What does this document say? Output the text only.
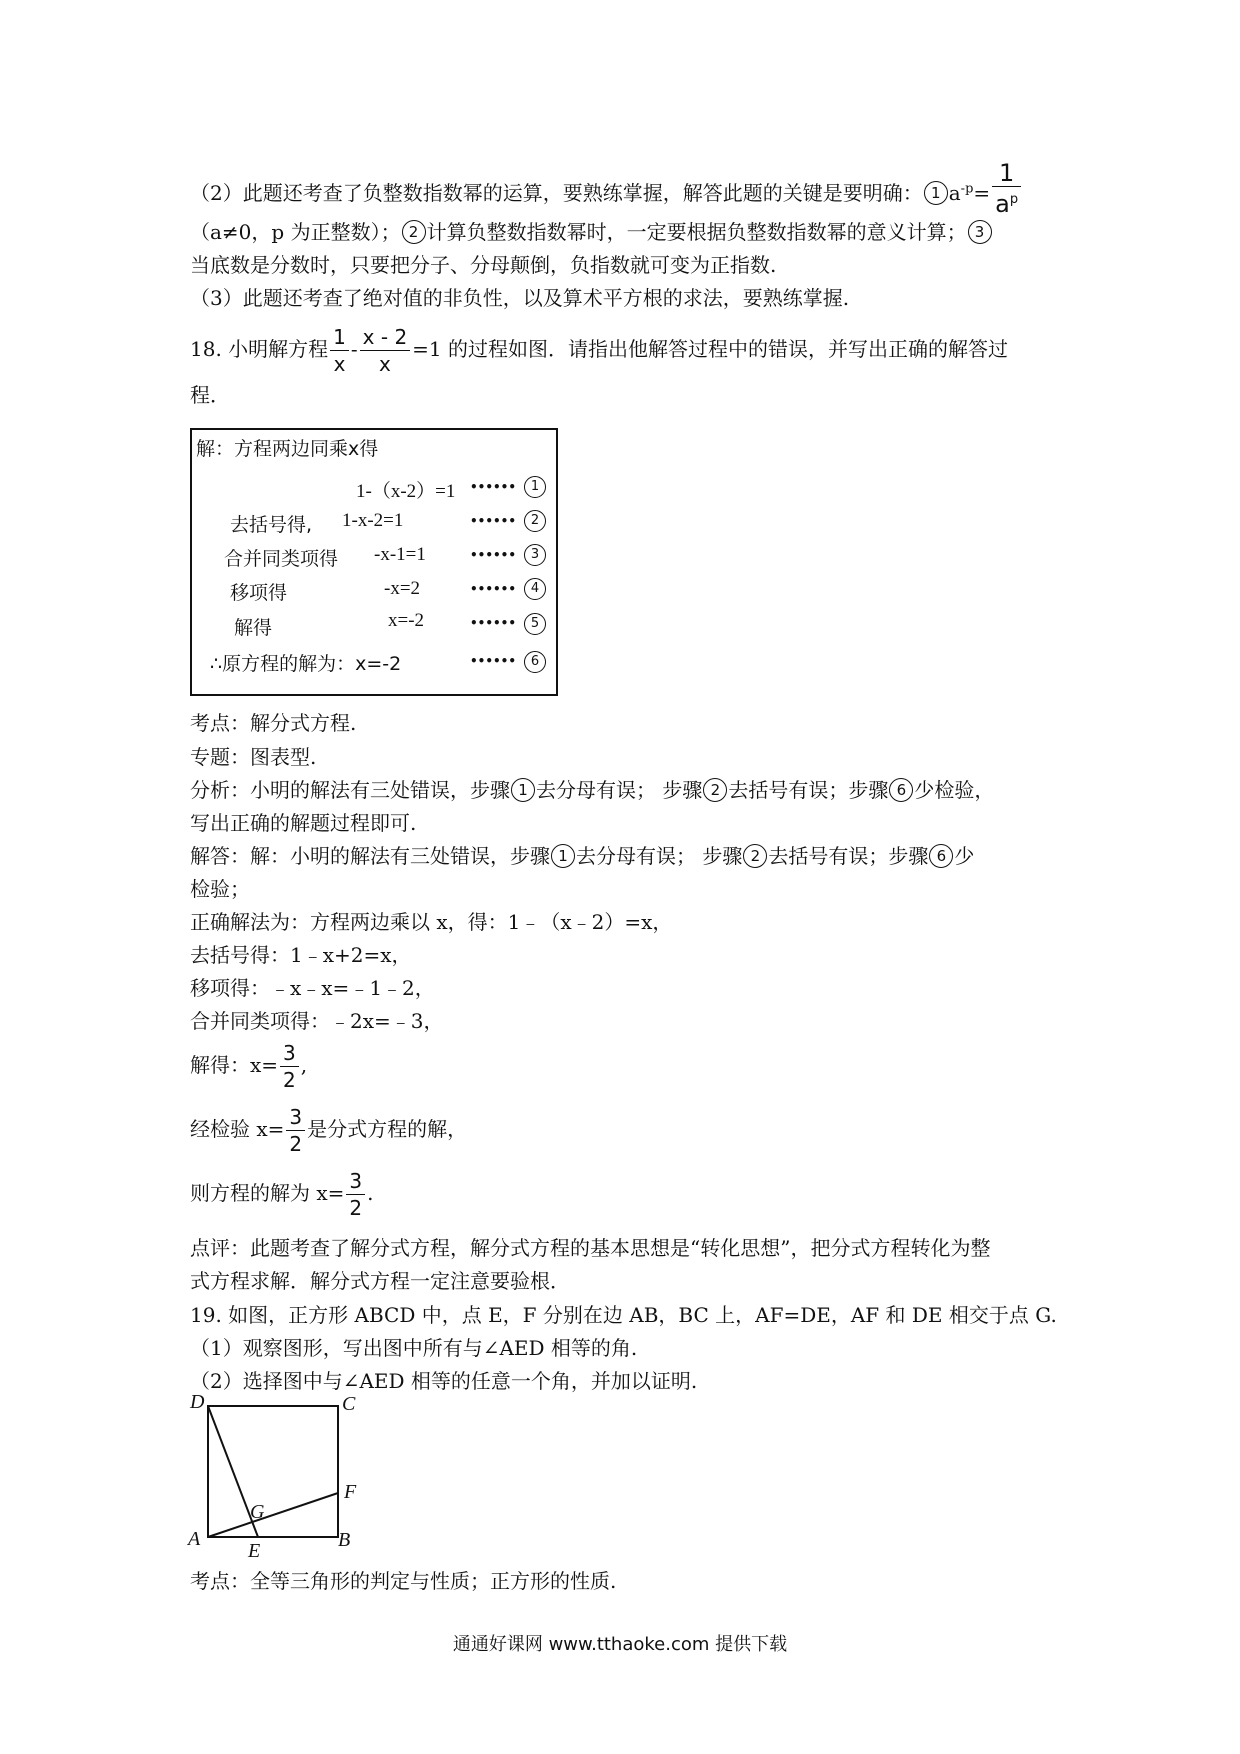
（2）此题还考查了负整数指数幂的运算，要熟练掌握，解答此题的关键是要明确： 1 $a^{-p}= \frac{1}{a^p}$
（a≠0，p 为正整数）； 2 计算负整数指数幂时，一定要根据负整数指数幂的意义计算； 3
当底数是分数时，只要把分子、分母颠倒，负指数就可变为正指数.
（3）此题还考查了绝对值的非负性，以及算术平方根的求法，要熟练掌握.
18. 小明解方程 $\frac{1}{x} - \frac{x - 2}{x} =1$ 的过程如图．请指出他解答过程中的错误，并写出正确的解答过
程．
解：方程两边同乘x得
1-（x-2）=1 ••••••	1
去括号得, 1-x-2=1	••••••	2
合并同类项得 -x-1=1	••••••	3
移项得	-x=2	••••••	4
解得	x=-2	••••••	5
∴原方程的解为：x=-2	••••••	6
考点：解分式方程.
专题：图表型.
分析：小明的解法有三处错误，步骤 1 去分母有误； 步骤 2 去括号有误；步骤 6 少检验，
写出正确的解题过程即可.
解答：解：小明的解法有三处错误，步骤 1 去分母有误； 步骤 2 去括号有误；步骤 6 少
检验；
正确解法为：方程两边乘以 x，得：1﹣（x﹣2）=x，
去括号得：1﹣x+2=x，
移项得：﹣x﹣x=﹣1﹣2，
合并同类项得：﹣2x=﹣3，
解得：$x= \frac{3}{2}$ ,
经检验 $x= \frac{3}{2}$ 是分式方程的解，
则方程的解为 $x= \frac{3}{2}$ .
点评：此题考查了解分式方程，解分式方程的基本思想是“转化思想”，把分式方程转化为整
式方程求解．解分式方程一定注意要验根．
19. 如图，正方形 ABCD 中，点 E，F 分别在边 AB，BC 上，AF=DE，AF 和 DE 相交于点 G.
（1）观察图形，写出图中所有与∠AED 相等的角.
（2）选择图中与∠AED 相等的任意一个角，并加以证明.
D	C
F
G
A
E	B
考点：全等三角形的判定与性质；正方形的性质.
通通好课网 www.tthaoke.com 提供下载
